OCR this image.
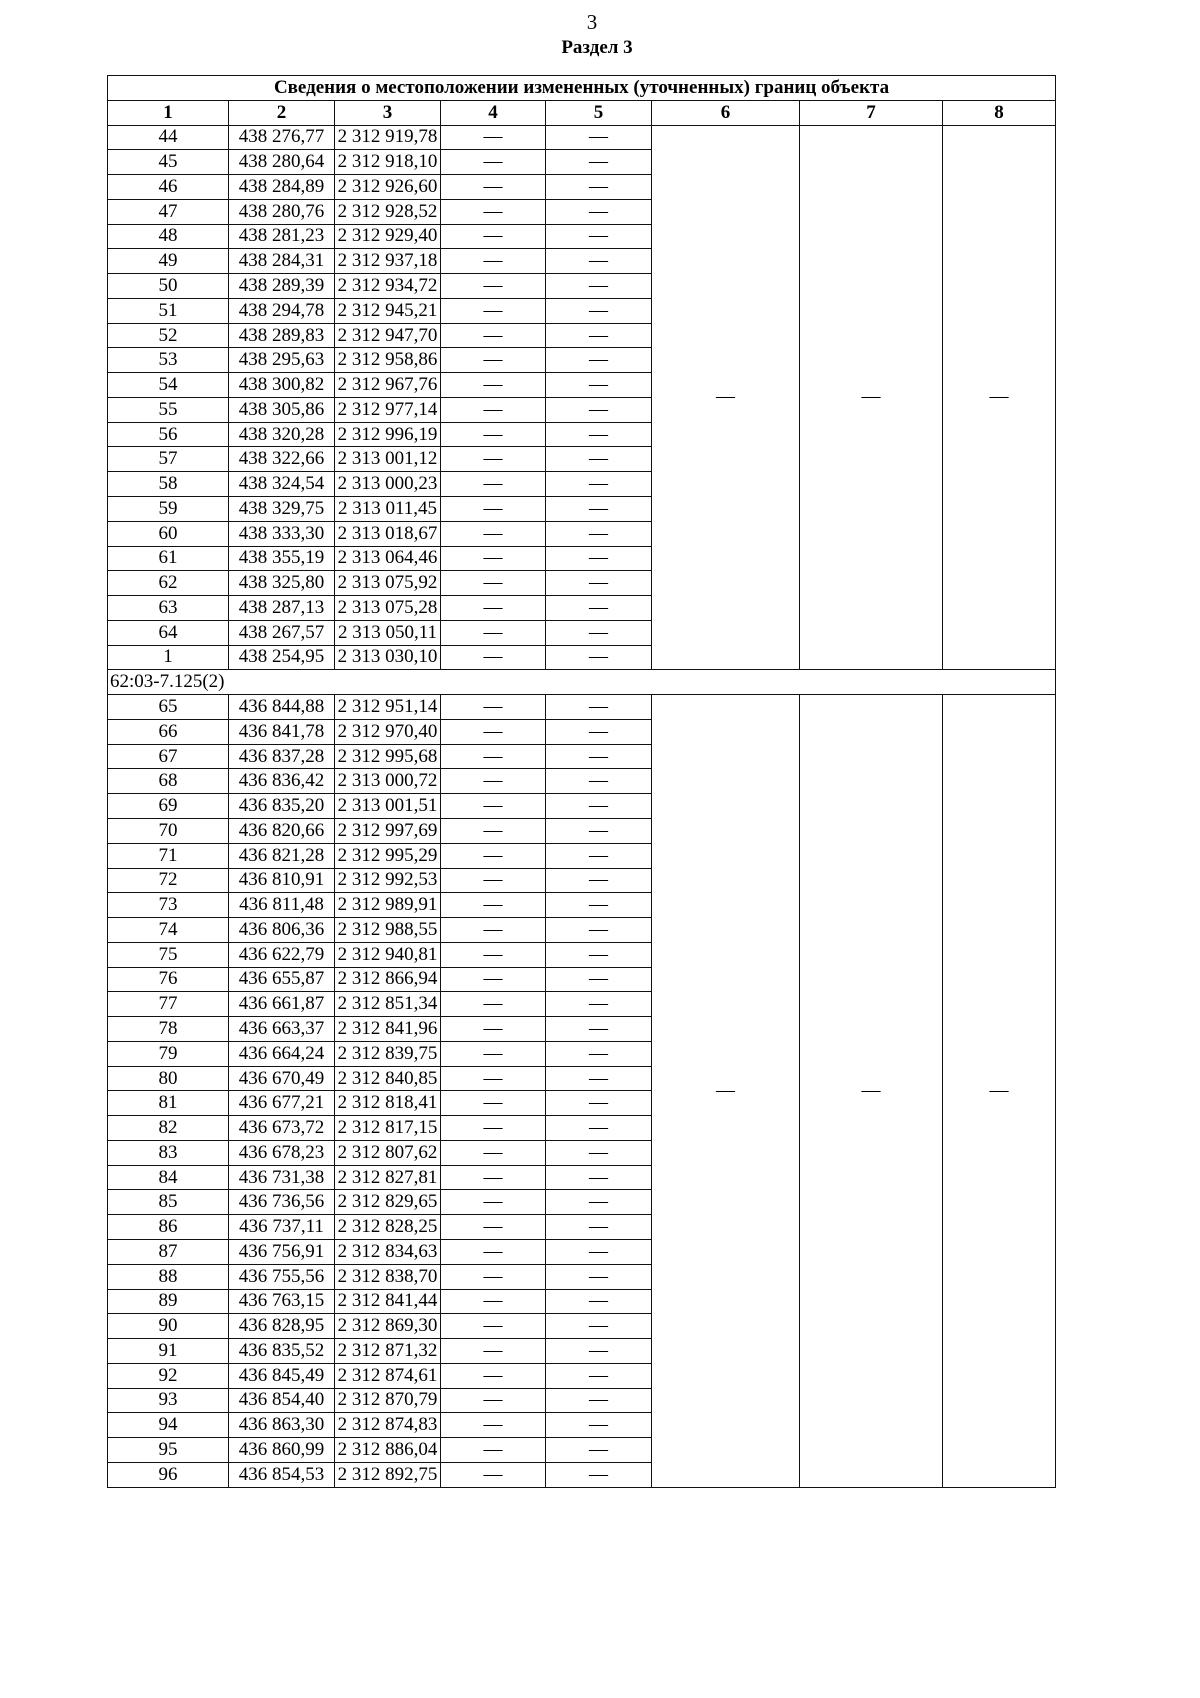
3
Раздел 3
Сведения о местоположении измененных (уточненных) границ объекта							
1	2	3	4	5	6	7	8
44	438 276,77	2 312 919,78	—	—	—	—	—
45	438 280,64	2 312 918,10	—	—			
46	438 284,89	2 312 926,60	—	—			
47	438 280,76	2 312 928,52	—	—			
48	438 281,23	2 312 929,40	—	—			
49	438 284,31	2 312 937,18	—	—			
50	438 289,39	2 312 934,72	—	—			
51	438 294,78	2 312 945,21	—	—			
52	438 289,83	2 312 947,70	—	—			
53	438 295,63	2 312 958,86	—	—			
54	438 300,82	2 312 967,76	—	—			
55	438 305,86	2 312 977,14	—	—			
56	438 320,28	2 312 996,19	—	—			
57	438 322,66	2 313 001,12	—	—			
58	438 324,54	2 313 000,23	—	—			
59	438 329,75	2 313 011,45	—	—			
60	438 333,30	2 313 018,67	—	—			
61	438 355,19	2 313 064,46	—	—			
62	438 325,80	2 313 075,92	—	—			
63	438 287,13	2 313 075,28	—	—			
64	438 267,57	2 313 050,11	—	—			
1	438 254,95	2 313 030,10	—	—			
62:03-7.125(2)							
65	436 844,88	2 312 951,14	—	—	—	—	—
66	436 841,78	2 312 970,40	—	—			
67	436 837,28	2 312 995,68	—	—			
68	436 836,42	2 313 000,72	—	—			
69	436 835,20	2 313 001,51	—	—			
70	436 820,66	2 312 997,69	—	—			
71	436 821,28	2 312 995,29	—	—			
72	436 810,91	2 312 992,53	—	—			
73	436 811,48	2 312 989,91	—	—			
74	436 806,36	2 312 988,55	—	—			
75	436 622,79	2 312 940,81	—	—			
76	436 655,87	2 312 866,94	—	—			
77	436 661,87	2 312 851,34	—	—			
78	436 663,37	2 312 841,96	—	—			
79	436 664,24	2 312 839,75	—	—			
80	436 670,49	2 312 840,85	—	—			
81	436 677,21	2 312 818,41	—	—			
82	436 673,72	2 312 817,15	—	—			
83	436 678,23	2 312 807,62	—	—			
84	436 731,38	2 312 827,81	—	—			
85	436 736,56	2 312 829,65	—	—			
86	436 737,11	2 312 828,25	—	—			
87	436 756,91	2 312 834,63	—	—			
88	436 755,56	2 312 838,70	—	—			
89	436 763,15	2 312 841,44	—	—			
90	436 828,95	2 312 869,30	—	—			
91	436 835,52	2 312 871,32	—	—			
92	436 845,49	2 312 874,61	—	—			
93	436 854,40	2 312 870,79	—	—			
94	436 863,30	2 312 874,83	—	—			
95	436 860,99	2 312 886,04	—	—			
96	436 854,53	2 312 892,75	—	—			
